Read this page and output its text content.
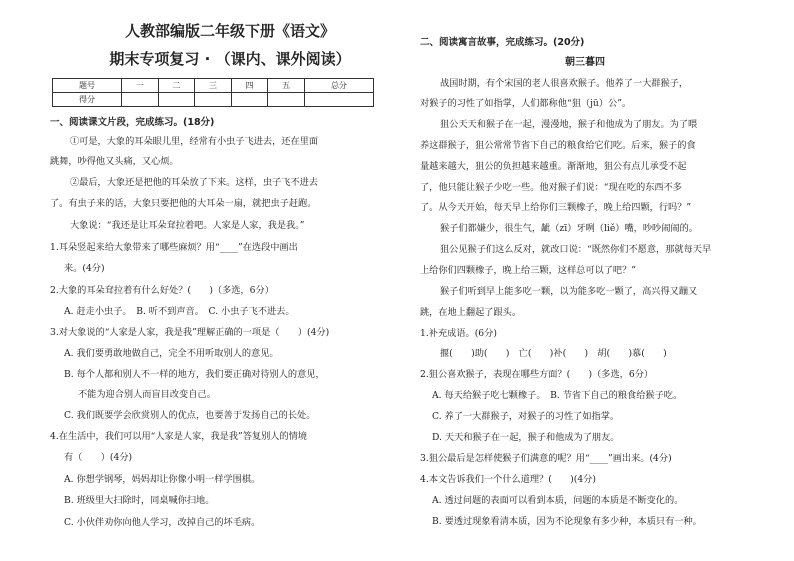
人教部编版二年级下册《语文》
期末专项复习 · （课内、课外阅读）
题号	一	二	三	四	五	总分
得分						
一、阅读课文片段，完成练习。(18分)
①可是，大象的耳朵眼儿里，经常有小虫子飞进去，还在里面
跳舞，吵得他又头痛，又心烦。
②最后，大象还是把他的耳朵放了下来。这样，虫子飞不进去
了。有虫子来的话，大象只要把他的大耳朵一扇，就把虫子赶跑。
大象说：“我还是让耳朵耷拉着吧。人家是人家，我是我。”
1.耳朵竖起来给大象带来了哪些麻烦？用“____”在选段中画出
来。(4分)
2.大象的耳朵耷拉着有什么好处？(　　)（多选，6分）
A. 赶走小虫子。　B. 听不到声音。　C. 小虫子飞不进去。
3.对大象说的“人家是人家，我是我”理解正确的一项是（　　）(4分)
A. 我们要勇敢地做自己，完全不用听取别人的意见。
B. 每个人都和别人不一样的地方，我们要正确对待别人的意见，
不能为迎合别人而盲目改变自己。
C. 我们既要学会欣赏别人的优点，也要善于发扬自己的长处。
4.在生活中，我们可以用“人家是人家，我是我”答复别人的情境
有（　　）(4分)
A. 你想学钢琴，妈妈却让你像小明一样学围棋。
B. 班级里大扫除时，同桌喊你扫地。
C. 小伙伴劝你向他人学习，改掉自己的坏毛病。
二、阅读寓言故事，完成练习。(20分)
朝三暮四
战国时期，有个宋国的老人很喜欢猴子。他养了一大群猴子，
对猴子的习性了如指掌，人们都称他“狙（jū）公”。
狙公天天和猴子在一起，漫漫地，猴子和他成为了朋友。为了喂
养这群猴子，狙公常常节省下自己的粮食给它们吃。后来，猴子的食
量越来越大，狙公的负担越来越重。渐渐地，狙公有点儿承受不起
了，他只能让猴子少吃一些。他对猴子们说：“现在吃的东西不多
了。从今天开始，每天早上给你们三颗橡子，晚上给四颗，行吗？”
猴子们都嫌少，很生气，龇（zī）牙咧（liě）嘴，吵吵闹闹的。
狙公见猴子们这么反对，就改口说：“既然你们不愿意，那就每天早
上给你们四颗橡子，晚上给三颗，这样总可以了吧？”
猴子们听到早上能多吃一颗，以为能多吃一颗了，高兴得又蹦又
跳，在地上翻起了跟头。
1.补充成语。(6分)
揠(　　)助(　　)　亡(　　)补(　　)　胡(　　)慕(　　)
2.狙公喜欢猴子，表现在哪些方面？(　　)（多选，6分）
A. 每天给猴子吃七颗橡子。　B. 节省下自己的粮食给猴子吃。
C. 养了一大群猴子，对猴子的习性了如指掌。
D. 天天和猴子在一起，猴子和他成为了朋友。
3.狙公最后是怎样使猴子们满意的呢？用“____”画出来。(4分)
4.本文告诉我们一个什么道理？(　　)(4分)
A. 透过问题的表面可以看到本质，问题的本质是不断变化的。
B. 要透过现象看清本质，因为不论现象有多少种，本质只有一种。
